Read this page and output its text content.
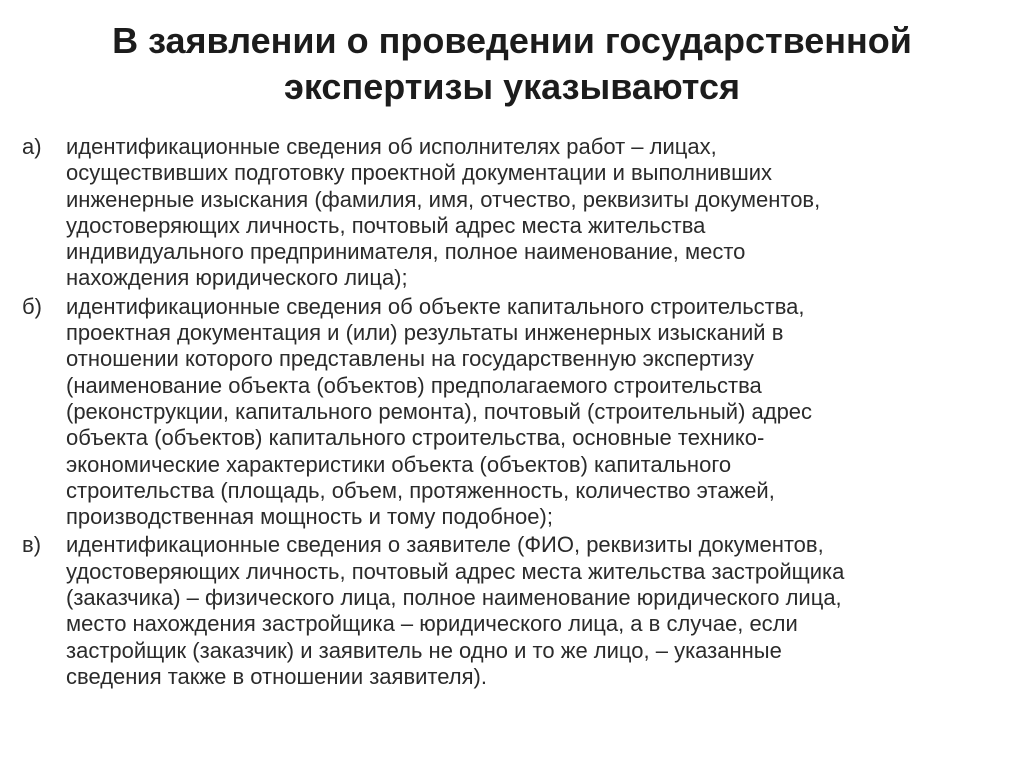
В заявлении о проведении государственной
экспертизы указываются
а)	идентификационные сведения об исполнителях работ – лицах,
осуществивших подготовку проектной документации и выполнивших
инженерные изыскания (фамилия, имя, отчество, реквизиты документов,
удостоверяющих личность, почтовый адрес места жительства
индивидуального предпринимателя, полное наименование, место
нахождения юридического лица);
б)	идентификационные сведения об объекте капитального строительства,
проектная документация и (или) результаты инженерных изысканий в
отношении которого представлены на государственную экспертизу
(наименование объекта (объектов) предполагаемого строительства
(реконструкции, капитального ремонта), почтовый (строительный) адрес
объекта (объектов) капитального строительства, основные технико-
экономические характеристики объекта (объектов) капитального
строительства (площадь, объем, протяженность, количество этажей,
производственная мощность и тому подобное);
в)	идентификационные сведения о заявителе (ФИО, реквизиты документов,
удостоверяющих личность, почтовый адрес места жительства застройщика
(заказчика) – физического лица, полное наименование юридического лица,
место нахождения застройщика – юридического лица, а в случае, если
застройщик (заказчик) и заявитель не одно и то же лицо, – указанные
сведения также в отношении заявителя).
